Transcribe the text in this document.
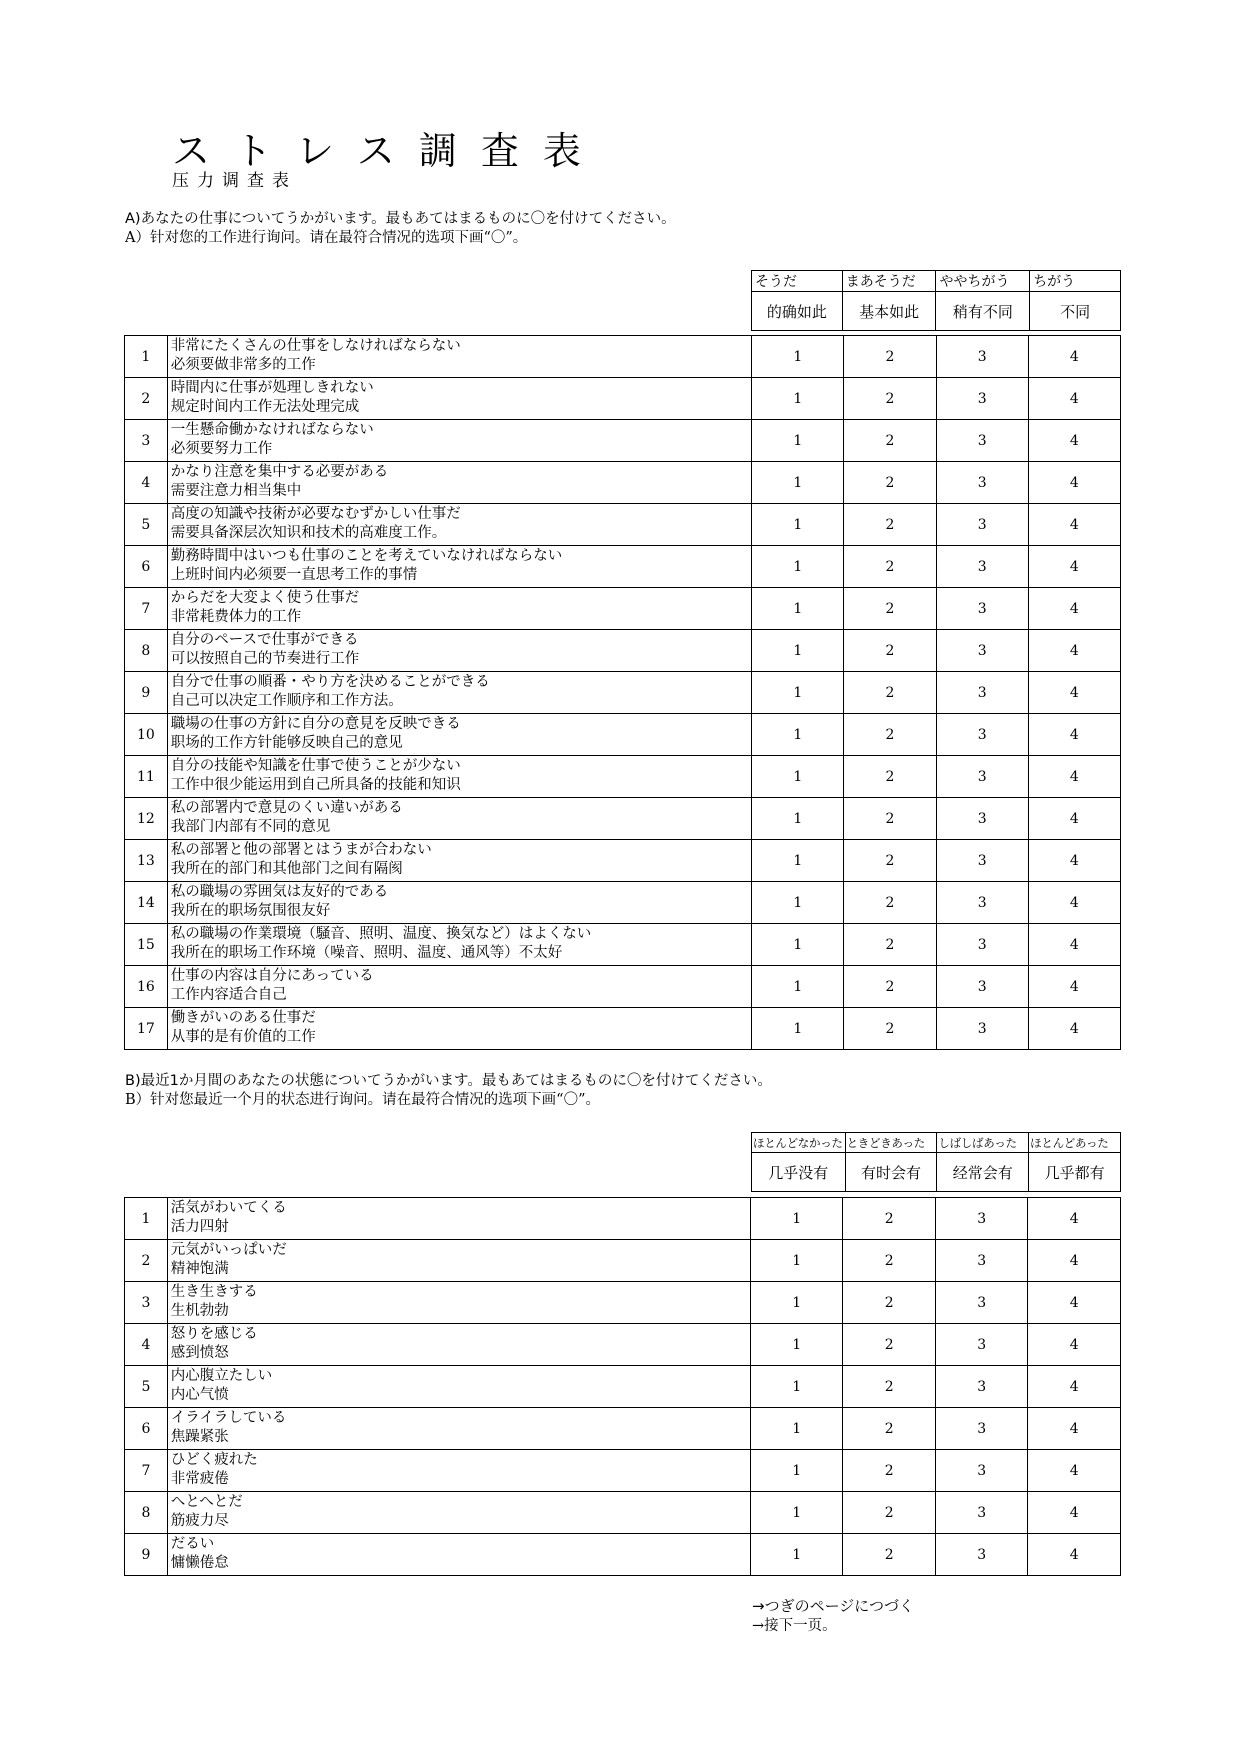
ストレス調査表
压力调查表
A)あなたの仕事についてうかがいます。最もあてはまるものに〇を付けてください。
A）针对您的工作进行询问。请在最符合情况的选项下画“〇”。
そうだ	まあそうだ	ややちがう	ちがう
的确如此	基本如此	稍有不同	不同
1	非常にたくさんの仕事をしなければならない
必须要做非常多的工作	1	2	3	4
2	時間内に仕事が処理しきれない
规定时间内工作无法处理完成	1	2	3	4
3	一生懸命働かなければならない
必须要努力工作	1	2	3	4
4	かなり注意を集中する必要がある
需要注意力相当集中	1	2	3	4
5	高度の知識や技術が必要なむずかしい仕事だ
需要具备深层次知识和技术的高难度工作。	1	2	3	4
6	勤務時間中はいつも仕事のことを考えていなければならない
上班时间内必须要一直思考工作的事情	1	2	3	4
7	からだを大変よく使う仕事だ
非常耗费体力的工作	1	2	3	4
8	自分のペースで仕事ができる
可以按照自己的节奏进行工作	1	2	3	4
9	自分で仕事の順番・やり方を決めることができる
自己可以决定工作顺序和工作方法。	1	2	3	4
10	職場の仕事の方針に自分の意見を反映できる
职场的工作方针能够反映自己的意见	1	2	3	4
11	自分の技能や知識を仕事で使うことが少ない
工作中很少能运用到自己所具备的技能和知识	1	2	3	4
12	私の部署内で意見のくい違いがある
我部门内部有不同的意见	1	2	3	4
13	私の部署と他の部署とはうまが合わない
我所在的部门和其他部门之间有隔阂	1	2	3	4
14	私の職場の雰囲気は友好的である
我所在的职场氛围很友好	1	2	3	4
15	私の職場の作業環境（騒音、照明、温度、換気など）はよくない
我所在的职场工作环境（噪音、照明、温度、通风等）不太好	1	2	3	4
16	仕事の内容は自分にあっている
工作内容适合自己	1	2	3	4
17	働きがいのある仕事だ
从事的是有价值的工作	1	2	3	4
B)最近1か月間のあなたの状態についてうかがいます。最もあてはまるものに〇を付けてください。
B）针对您最近一个月的状态进行询问。请在最符合情况的选项下画“〇”。
ほとんどなかった	ときどきあった	しばしばあった	ほとんどあった
几乎没有	有时会有	经常会有	几乎都有
1	活気がわいてくる
活力四射	1	2	3	4
2	元気がいっぱいだ
精神饱满	1	2	3	4
3	生き生きする
生机勃勃	1	2	3	4
4	怒りを感じる
感到愤怒	1	2	3	4
5	内心腹立たしい
内心气愤	1	2	3	4
6	イライラしている
焦躁紧张	1	2	3	4
7	ひどく疲れた
非常疲倦	1	2	3	4
8	へとへとだ
筋疲力尽	1	2	3	4
9	だるい
慵懒倦怠	1	2	3	4
→つぎのページにつづく
→接下一页。
